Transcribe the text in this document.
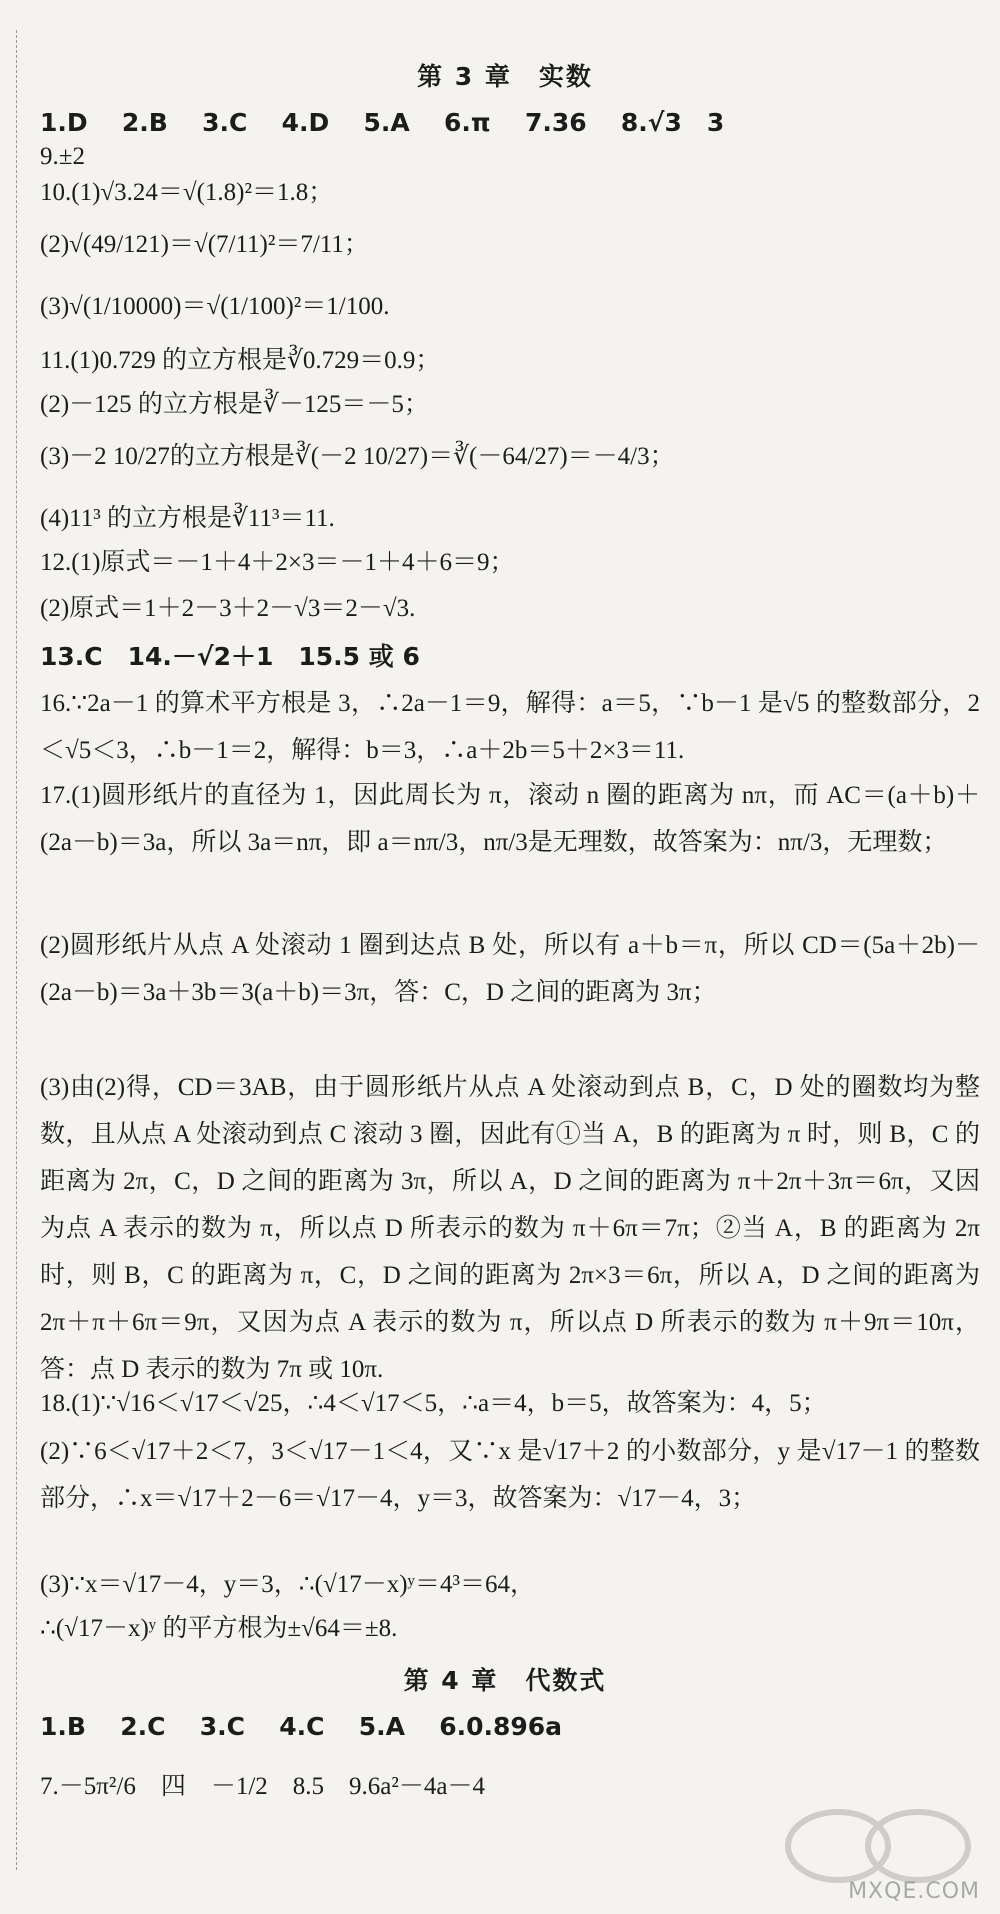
第 3 章　实数
1.D 2.B 3.C 4.D 5.A 6.π 7.36 8.√3　3
9.±2
10.(1)√3.24＝√(1.8)²＝1.8；
(2)√(49/121)＝√(7/11)²＝7/11；
(3)√(1/10000)＝√(1/100)²＝1/100.
11.(1)0.729 的立方根是∛0.729＝0.9；
(2)－125 的立方根是∛－125＝－5；
(3)－2 10/27的立方根是∛(－2 10/27)＝∛(－64/27)＝－4/3；
(4)11³ 的立方根是∛11³＝11.
12.(1)原式＝－1＋4＋2×3＝－1＋4＋6＝9；
(2)原式＝1＋2－3＋2－√3＝2－√3.
13.C　14.－√2＋1　15.5 或 6
16.∵2a－1 的算术平方根是 3，∴2a－1＝9，解得：a＝5，∵b－1 是√5 的整数部分，2＜√5＜3，∴b－1＝2，解得：b＝3，∴a＋2b＝5＋2×3＝11.
17.(1)圆形纸片的直径为 1，因此周长为 π，滚动 n 圈的距离为 nπ，而 AC＝(a＋b)＋(2a－b)＝3a，所以 3a＝nπ，即 a＝nπ/3，nπ/3是无理数，故答案为：nπ/3，无理数；
(2)圆形纸片从点 A 处滚动 1 圈到达点 B 处，所以有 a＋b＝π，所以 CD＝(5a＋2b)－(2a－b)＝3a＋3b＝3(a＋b)＝3π，答：C，D 之间的距离为 3π；
(3)由(2)得，CD＝3AB，由于圆形纸片从点 A 处滚动到点 B，C，D 处的圈数均为整数，且从点 A 处滚动到点 C 滚动 3 圈，因此有①当 A，B 的距离为 π 时，则 B，C 的距离为 2π，C，D 之间的距离为 3π，所以 A，D 之间的距离为 π＋2π＋3π＝6π，又因为点 A 表示的数为 π，所以点 D 所表示的数为 π＋6π＝7π；②当 A，B 的距离为 2π 时，则 B，C 的距离为 π，C，D 之间的距离为 2π×3＝6π，所以 A，D 之间的距离为 2π＋π＋6π＝9π，又因为点 A 表示的数为 π，所以点 D 所表示的数为 π＋9π＝10π，答：点 D 表示的数为 7π 或 10π.
18.(1)∵√16＜√17＜√25，∴4＜√17＜5，∴a＝4，b＝5，故答案为：4，5；
(2)∵6＜√17＋2＜7，3＜√17－1＜4，又∵x 是√17＋2 的小数部分，y 是√17－1 的整数部分，∴x＝√17＋2－6＝√17－4，y＝3，故答案为：√17－4，3；
(3)∵x＝√17－4，y＝3，∴(√17－x)ʸ＝4³＝64，
∴(√17－x)ʸ 的平方根为±√64＝±8.
第 4 章　代数式
1.B 2.C 3.C 4.C 5.A 6.0.896a
7.－5π²/6　四　－1/2　8.5　9.6a²－4a－4
MXQE.COM
